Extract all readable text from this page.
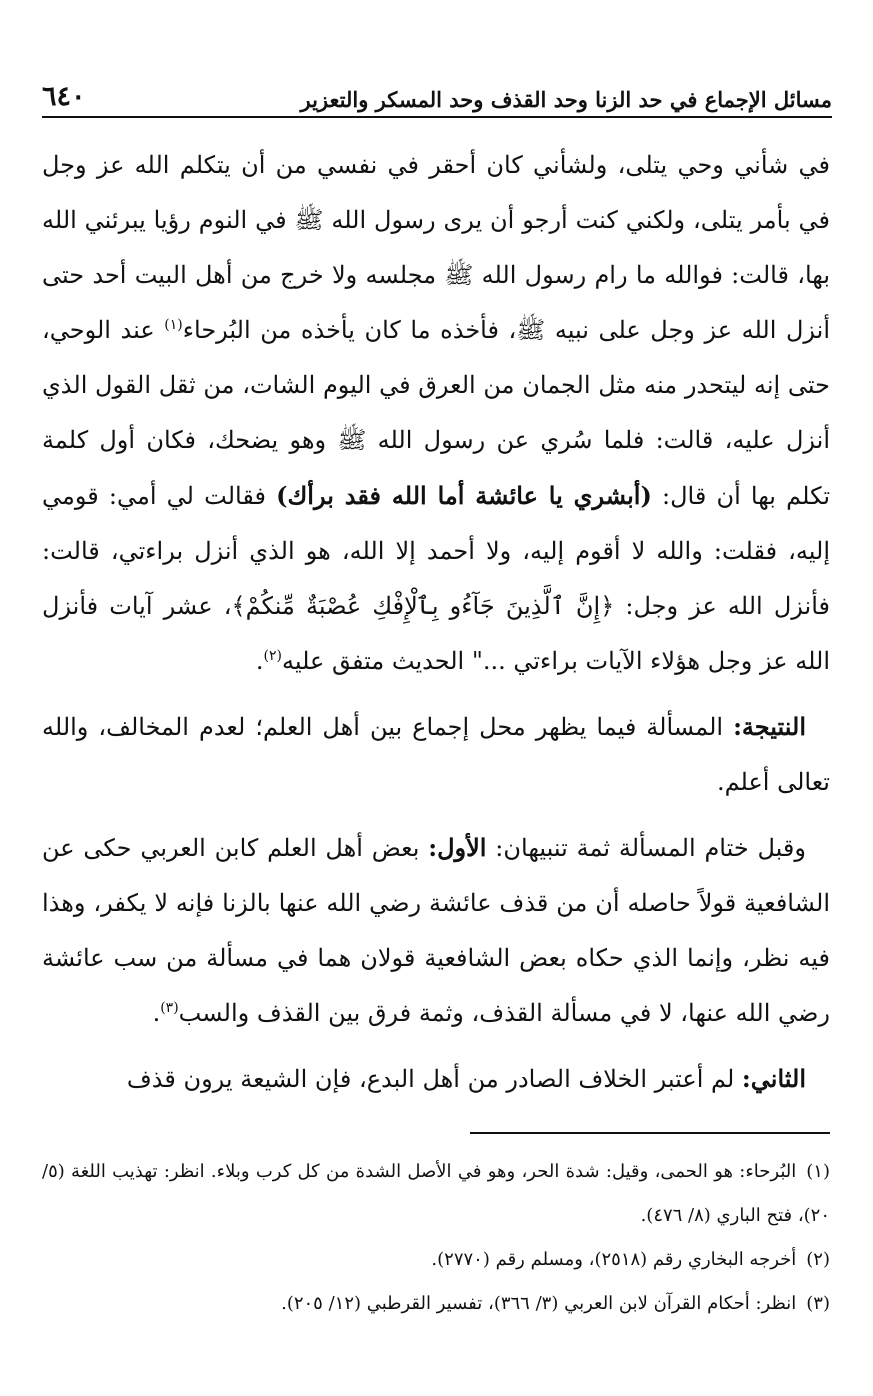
مسائل الإجماع في حد الزنا وحد القذف وحد المسكر والتعزير
٦٤٠

في شأني وحي يتلى، ولشأني كان أحقر في نفسي من أن يتكلم الله عز وجل في بأمر يتلى، ولكني كنت أرجو أن يرى رسول الله ﷺ في النوم رؤيا يبرئني الله بها، قالت: فوالله ما رام رسول الله ﷺ مجلسه ولا خرج من أهل البيت أحد حتى أنزل الله عز وجل على نبيه ﷺ، فأخذه ما كان يأخذه من البُرحاء$^{(١)}$ عند الوحي، حتى إنه ليتحدر منه مثل الجمان من العرق في اليوم الشات، من ثقل القول الذي أنزل عليه، قالت: فلما سُري عن رسول الله ﷺ وهو يضحك، فكان أول كلمة تكلم بها أن قال: (أبشري يا عائشة أما الله فقد برأك) فقالت لي أمي: قومي إليه، فقلت: والله لا أقوم إليه، ولا أحمد إلا الله، هو الذي أنزل براءتي، قالت: فأنزل الله عز وجل: ﴿إِنَّ ٱلَّذِينَ جَآءُو بِٱلْإِفْكِ عُصْبَةٌ مِّنكُمْ﴾، عشر آيات فأنزل الله عز وجل هؤلاء الآيات براءتي ..." الحديث متفق عليه$^{(٢)}$.

 النتيجة: المسألة فيما يظهر محل إجماع بين أهل العلم؛ لعدم المخالف، والله تعالى أعلم.

 وقبل ختام المسألة ثمة تنبيهان: الأول: بعض أهل العلم كابن العربي حكى عن الشافعية قولاً حاصله أن من قذف عائشة رضي الله عنها بالزنا فإنه لا يكفر، وهذا فيه نظر، وإنما الذي حكاه بعض الشافعية قولان هما في مسألة من سب عائشة رضي الله عنها، لا في مسألة القذف، وثمة فرق بين القذف والسب$^{(٣)}$.

 الثاني: لم أعتبر الخلاف الصادر من أهل البدع، فإن الشيعة يرون قذف

(١)البُرحاء: هو الحمى، وقيل: شدة الحر، وهو في الأصل الشدة من كل كرب وبلاء. انظر: تهذيب اللغة (٥/ ٢٠)، فتح الباري (٨/ ٤٧٦).

(٢)أخرجه البخاري رقم (٢٥١٨)، ومسلم رقم (٢٧٧٠).

(٣)انظر: أحكام القرآن لابن العربي (٣/ ٣٦٦)، تفسير القرطبي (١٢/ ٢٠٥).
